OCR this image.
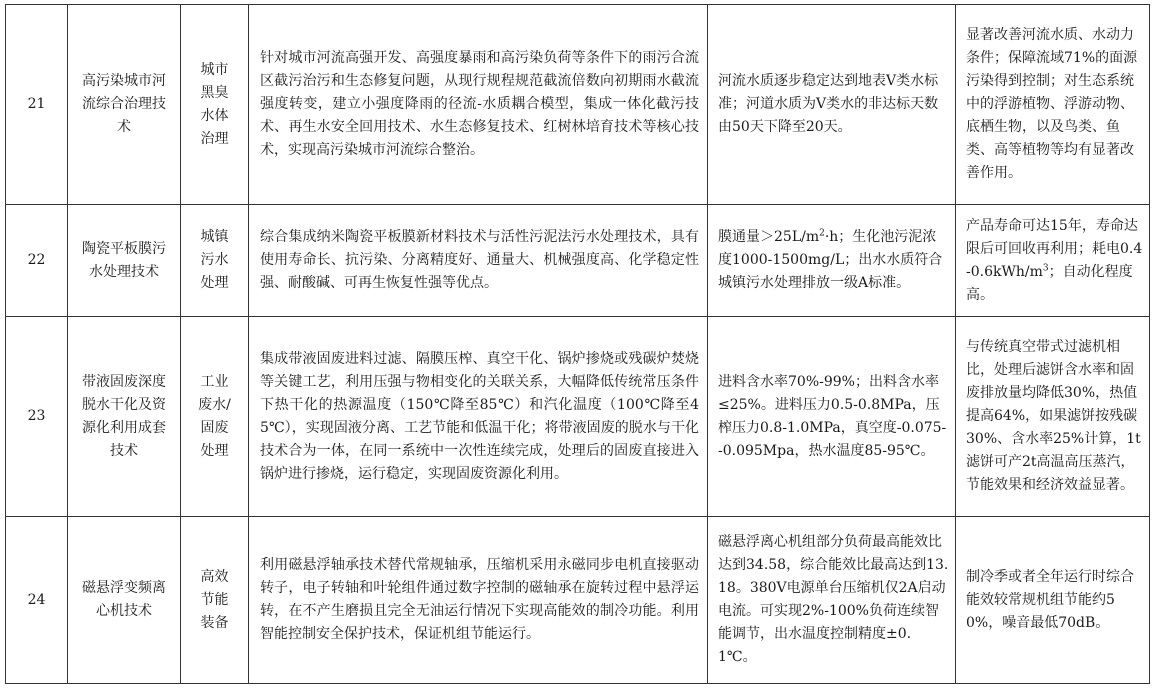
21	高污染城市河流综合治理技术	城市黑臭水体治理	针对城市河流高强开发、高强度暴雨和高污染负荷等条件下的雨污合流区截污治污和生态修复问题，从现行规程规范截流倍数向初期雨水截流强度转变，建立小强度降雨的径流-水质耦合模型，集成一体化截污技术、再生水安全回用技术、水生态修复技术、红树林培育技术等核心技术，实现高污染城市河流综合整治。	河流水质逐步稳定达到地表Ⅴ类水标准；河道水质为Ⅴ类水的非达标天数由50天下降至20天。	显著改善河流水质、水动力条件；保障流域71%的面源污染得到控制；对生态系统中的浮游植物、浮游动物、底栖生物，以及鸟类、鱼类、高等植物等均有显著改善作用。

22	陶瓷平板膜污水处理技术	城镇污水处理	综合集成纳米陶瓷平板膜新材料技术与活性污泥法污水处理技术，具有使用寿命长、抗污染、分离精度好、通量大、机械强度高、化学稳定性强、耐酸碱、可再生恢复性强等优点。	膜通量$>25L/m^2\cdot h$；生化池污泥浓度1000-1500mg/L；出水水质符合城镇污水处理排放一级A标准。	产品寿命可达15年，寿命达限后可回收再利用；耗电$0.4-0.6kWh/m^3$；自动化程度高。

23	带液固废深度脱水干化及资源化利用成套技术	工业废水/固废处理	集成带液固废进料过滤、隔膜压榨、真空干化、锅炉掺烧或残碳炉焚烧等关键工艺，利用压强与物相变化的关联关系，大幅降低传统常压条件下热干化的热源温度（150℃降至85℃）和汽化温度（100℃降至45℃），实现固液分离、工艺节能和低温干化；将带液固废的脱水与干化技术合为一体，在同一系统中一次性连续完成，处理后的固废直接进入锅炉进行掺烧，运行稳定，实现固废资源化利用。	进料含水率70%-99%；出料含水率≤25%。进料压力0.5-0.8MPa，压榨压力0.8-1.0MPa，真空度-0.075--0.095Mpa，热水温度85-95℃。	与传统真空带式过滤机相比，处理后滤饼含水率和固废排放量均降低30%，热值提高64%，如果滤饼按残碳30%、含水率25%计算，1t滤饼可产2t高温高压蒸汽，节能效果和经济效益显著。

24	磁悬浮变频离心机技术	高效节能装备	利用磁悬浮轴承技术替代常规轴承，压缩机采用永磁同步电机直接驱动转子，电子转轴和叶轮组件通过数字控制的磁轴承在旋转过程中悬浮运转，在不产生磨损且完全无油运行情况下实现高能效的制冷功能。利用智能控制安全保护技术，保证机组节能运行。	磁悬浮离心机组部分负荷最高能效比达到34.58，综合能效比最高达到13.18。380V电源单台压缩机仅2A启动电流。可实现2%-100%负荷连续智能调节，出水温度控制精度±0.1℃。	制冷季或者全年运行时综合能效较常规机组节能约50%，噪音最低70dB。
